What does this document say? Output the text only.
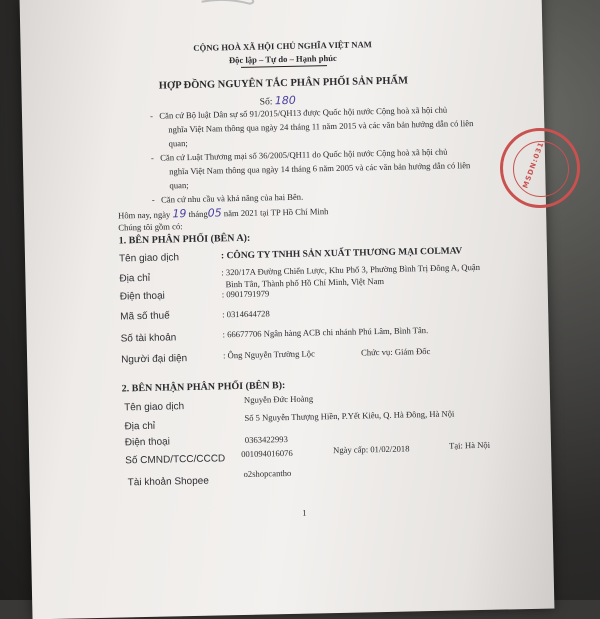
CỘNG HOÀ XÃ HỘI CHỦ NGHĨA VIỆT NAM
Độc lập – Tự do – Hạnh phúc
HỢP ĐỒNG NGUYÊN TẮC PHÂN PHỐI SẢN PHẨM
Số: 180
-   Căn cứ Bộ luật Dân sự số 91/2015/QH13 được Quốc hội nước Cộng hoà xã hội chủ
nghĩa Việt Nam thông qua ngày 24 tháng 11 năm 2015 và các văn bản hướng dẫn có liên
quan;
-   Căn cứ Luật Thương mại số 36/2005/QH11 do Quốc hội nước Cộng hoà xã hội chủ
nghĩa Việt Nam thông qua ngày 14 tháng 6 năm 2005 và các văn bản hướng dẫn có liên
quan;
-   Căn cứ nhu cầu và khả năng của hai Bên.
Hôm nay, ngày 19 tháng05 năm 2021 tại TP Hồ Chí Minh
Chúng tôi gồm có:
1. BÊN PHÂN PHỐI (BÊN A):
Tên giao dịch	: CÔNG TY TNHH SẢN XUẤT THƯƠNG MẠI COLMAV
Địa chỉ
: 320/17A Đường Chiến Lược, Khu Phố 3, Phường Bình Trị Đông A, Quận
Bình Tân, Thành phố Hồ Chí Minh, Việt Nam
Điện thoại	: 0901791979
Mã số thuế	: 0314644728
Số tài khoản	: 66677706 Ngân hàng ACB chi nhánh Phú Lâm, Bình Tân.
Người đại diện	: Ông Nguyễn Trường Lộc	Chức vụ: Giám Đốc
2. BÊN NHẬN PHÂN PHỐI (BÊN B):
Tên giao dịch
Nguyễn Đức Hoàng
Địa chỉ
Số 5 Nguyễn Thượng Hiền, P.Yết Kiêu, Q. Hà Đông, Hà Nội
Điện thoại	0363422993
Số CMND/TCC/CCCD 001094016076	Ngày cấp: 01/02/2018	Tại: Hà Nội
Tài khoản Shopee
o2shopcantho
1
MSDN:031
